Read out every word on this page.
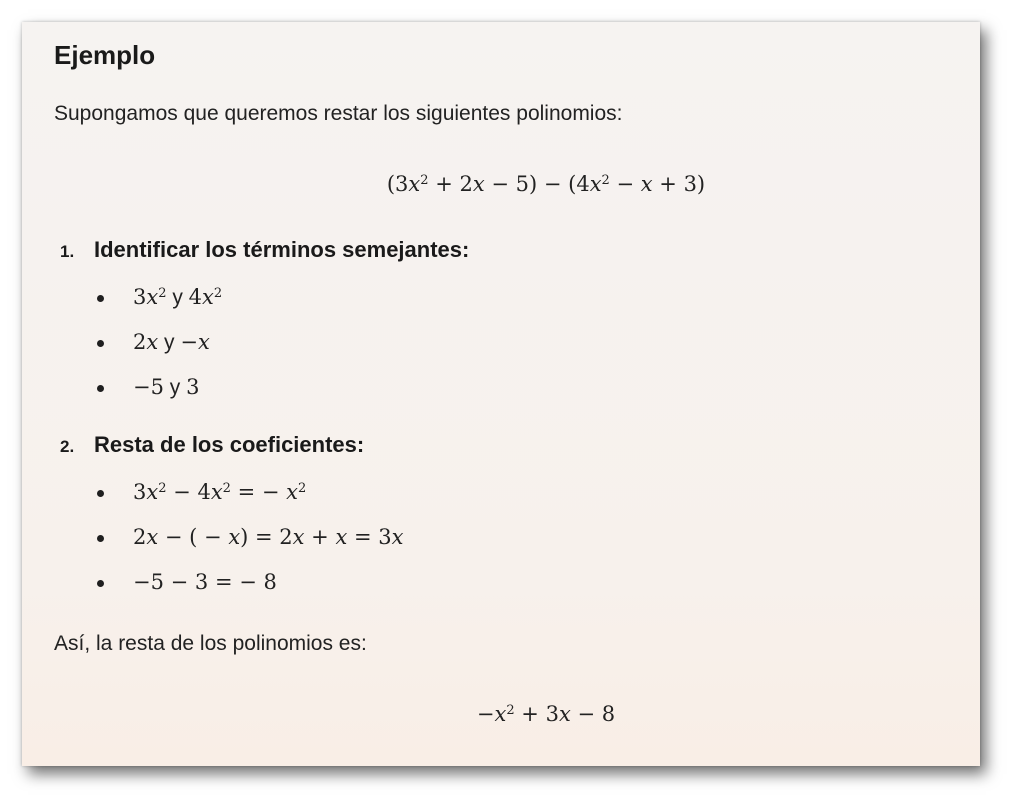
Ejemplo

Supongamos que queremos restar los siguientes polinomios:

$(3x^2 + 2x - 5) - (4x^2 - x + 3)$

1. Identificar los términos semejantes:
$3x^2$ y $4x^2$
2x y −x
−5 y 3
2. Resta de los coeficientes:
$3x^2 - 4x^2$ = − $x^2$
2x − ( − x) = 2x + x = 3x
−5 − 3 = − 8

Así, la resta de los polinomios es:

$-x^2 + 3x - 8$
